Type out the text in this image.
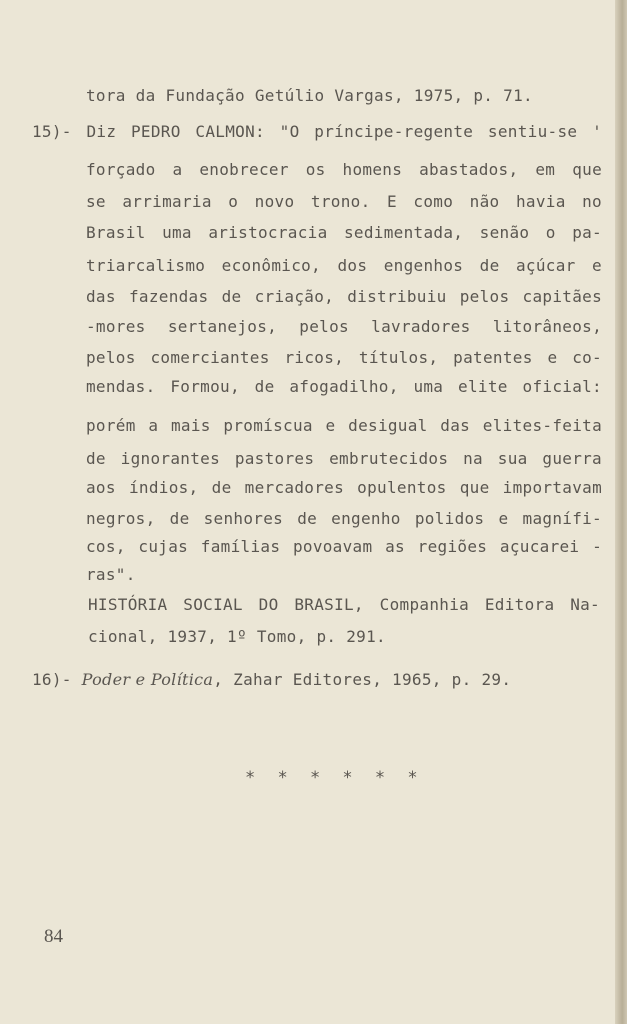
tora da Fundação Getúlio Vargas, 1975, p. 71.
15)- Diz PEDRO CALMON: "O príncipe-regente sentiu-se '
forçado a enobrecer os homens abastados, em que
se arrimaria o novo trono. E como não havia no
Brasil uma aristocracia sedimentada, senão o pa-
triarcalismo econômico, dos engenhos de açúcar e
das fazendas de criação, distribuiu pelos capitães
-mores sertanejos, pelos lavradores litorâneos,
pelos comerciantes ricos, títulos, patentes e co-
mendas. Formou, de afogadilho, uma elite oficial:
porém a mais promíscua e desigual das elites-feita
de ignorantes pastores embrutecidos na sua guerra
aos índios, de mercadores opulentos que importavam
negros, de senhores de engenho polidos e magnífi-
cos, cujas famílias povoavam as regiões açucarei -
ras".
HISTÓRIA SOCIAL DO BRASIL, Companhia Editora Na-
cional, 1937, 1º Tomo, p. 291.
16)- Poder e Política, Zahar Editores, 1965, p. 29.
* * * * * *
84
